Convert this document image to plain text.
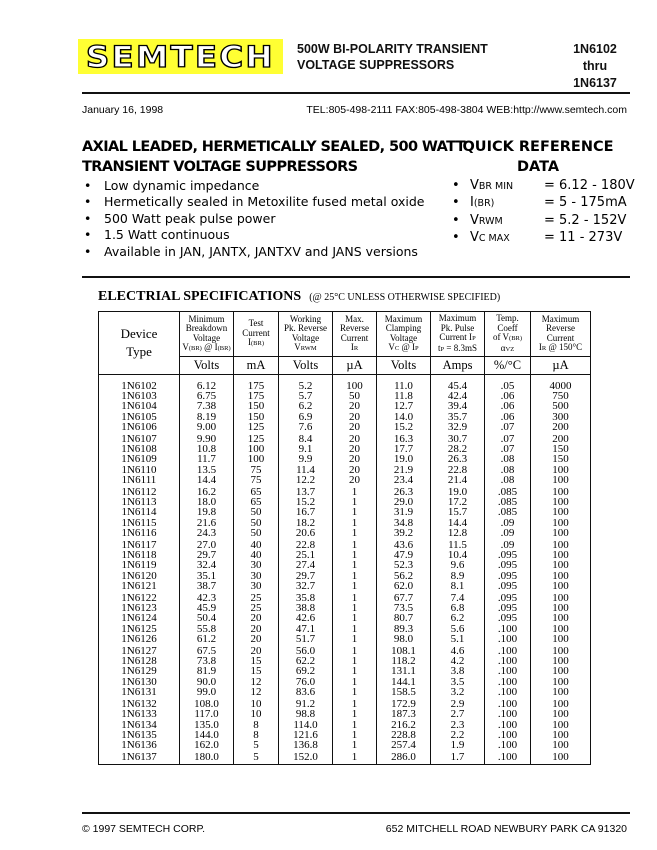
SEMTECH 500W BI-POLARITY TRANSIENT
VOLTAGE SUPPRESSORS
1N6102
thru
1N6137
January 16, 1998	TEL:805-498-2111 FAX:805-498-3804 WEB:http://www.semtech.com
AXIAL LEADED, HERMETICALLY SEALED, 500 WATT
TRANSIENT VOLTAGE SUPPRESSORS
• Low dynamic impedance
• Hermetically sealed in Metoxilite fused metal oxide
• 500 Watt peak pulse power
• 1.5 Watt continuous
• Available in JAN, JANTX, JANTXV and JANS versions
QUICK REFERENCE
DATA
• VBR MIN = 6.12 - 180V
• I(BR)	= 5 - 175mA
• VRWM	= 5.2 - 152V
• VC MAX	= 11 - 273V
ELECTRIAL SPECIFICATIONS (@ 25°C UNLESS OTHERWISE SPECIFIED)
Device
Type	Minimum
Breakdown
Voltage
V(BR) @ I(BR)	Test
Current
I(BR)	Working
Pk. Reverse
Voltage
VRWM	Max.
Reverse
Current
IR	Maximum
Clamping
Voltage
VC @ IP	Maximum
Pk. Pulse
Current IP
tP = 8.3mS	Temp.
Coeff
of V(BR)
αVZ	Maximum
Reverse
Current
IR @ 150°C
	Volts	mA	Volts	µA	Volts	Amps	%/°C	µA
1N6102	6.12	175	5.2	100	11.0	45.4	.05	4000
1N6103	6.75	175	5.7	50	11.8	42.4	.06	750
1N6104	7.38	150	6.2	20	12.7	39.4	.06	500
1N6105	8.19	150	6.9	20	14.0	35.7	.06	300
1N6106	9.00	125	7.6	20	15.2	32.9	.07	200
1N6107	9.90	125	8.4	20	16.3	30.7	.07	200
1N6108	10.8	100	9.1	20	17.7	28.2	.07	150
1N6109	11.7	100	9.9	20	19.0	26.3	.08	150
1N6110	13.5	75	11.4	20	21.9	22.8	.08	100
1N6111	14.4	75	12.2	20	23.4	21.4	.08	100
1N6112	16.2	65	13.7	1	26.3	19.0	.085	100
1N6113	18.0	65	15.2	1	29.0	17.2	.085	100
1N6114	19.8	50	16.7	1	31.9	15.7	.085	100
1N6115	21.6	50	18.2	1	34.8	14.4	.09	100
1N6116	24.3	50	20.6	1	39.2	12.8	.09	100
1N6117	27.0	40	22.8	1	43.6	11.5	.09	100
1N6118	29.7	40	25.1	1	47.9	10.4	.095	100
1N6119	32.4	30	27.4	1	52.3	9.6	.095	100
1N6120	35.1	30	29.7	1	56.2	8.9	.095	100
1N6121	38.7	30	32.7	1	62.0	8.1	.095	100
1N6122	42.3	25	35.8	1	67.7	7.4	.095	100
1N6123	45.9	25	38.8	1	73.5	6.8	.095	100
1N6124	50.4	20	42.6	1	80.7	6.2	.095	100
1N6125	55.8	20	47.1	1	89.3	5.6	.100	100
1N6126	61.2	20	51.7	1	98.0	5.1	.100	100
1N6127	67.5	20	56.0	1	108.1	4.6	.100	100
1N6128	73.8	15	62.2	1	118.2	4.2	.100	100
1N6129	81.9	15	69.2	1	131.1	3.8	.100	100
1N6130	90.0	12	76.0	1	144.1	3.5	.100	100
1N6131	99.0	12	83.6	1	158.5	3.2	.100	100
1N6132	108.0	10	91.2	1	172.9	2.9	.100	100
1N6133	117.0	10	98.8	1	187.3	2.7	.100	100
1N6134	135.0	8	114.0	1	216.2	2.3	.100	100
1N6135	144.0	8	121.6	1	228.8	2.2	.100	100
1N6136	162.0	5	136.8	1	257.4	1.9	.100	100
1N6137	180.0	5	152.0	1	286.0	1.7	.100	100
© 1997 SEMTECH CORP.	652 MITCHELL ROAD NEWBURY PARK CA 91320
